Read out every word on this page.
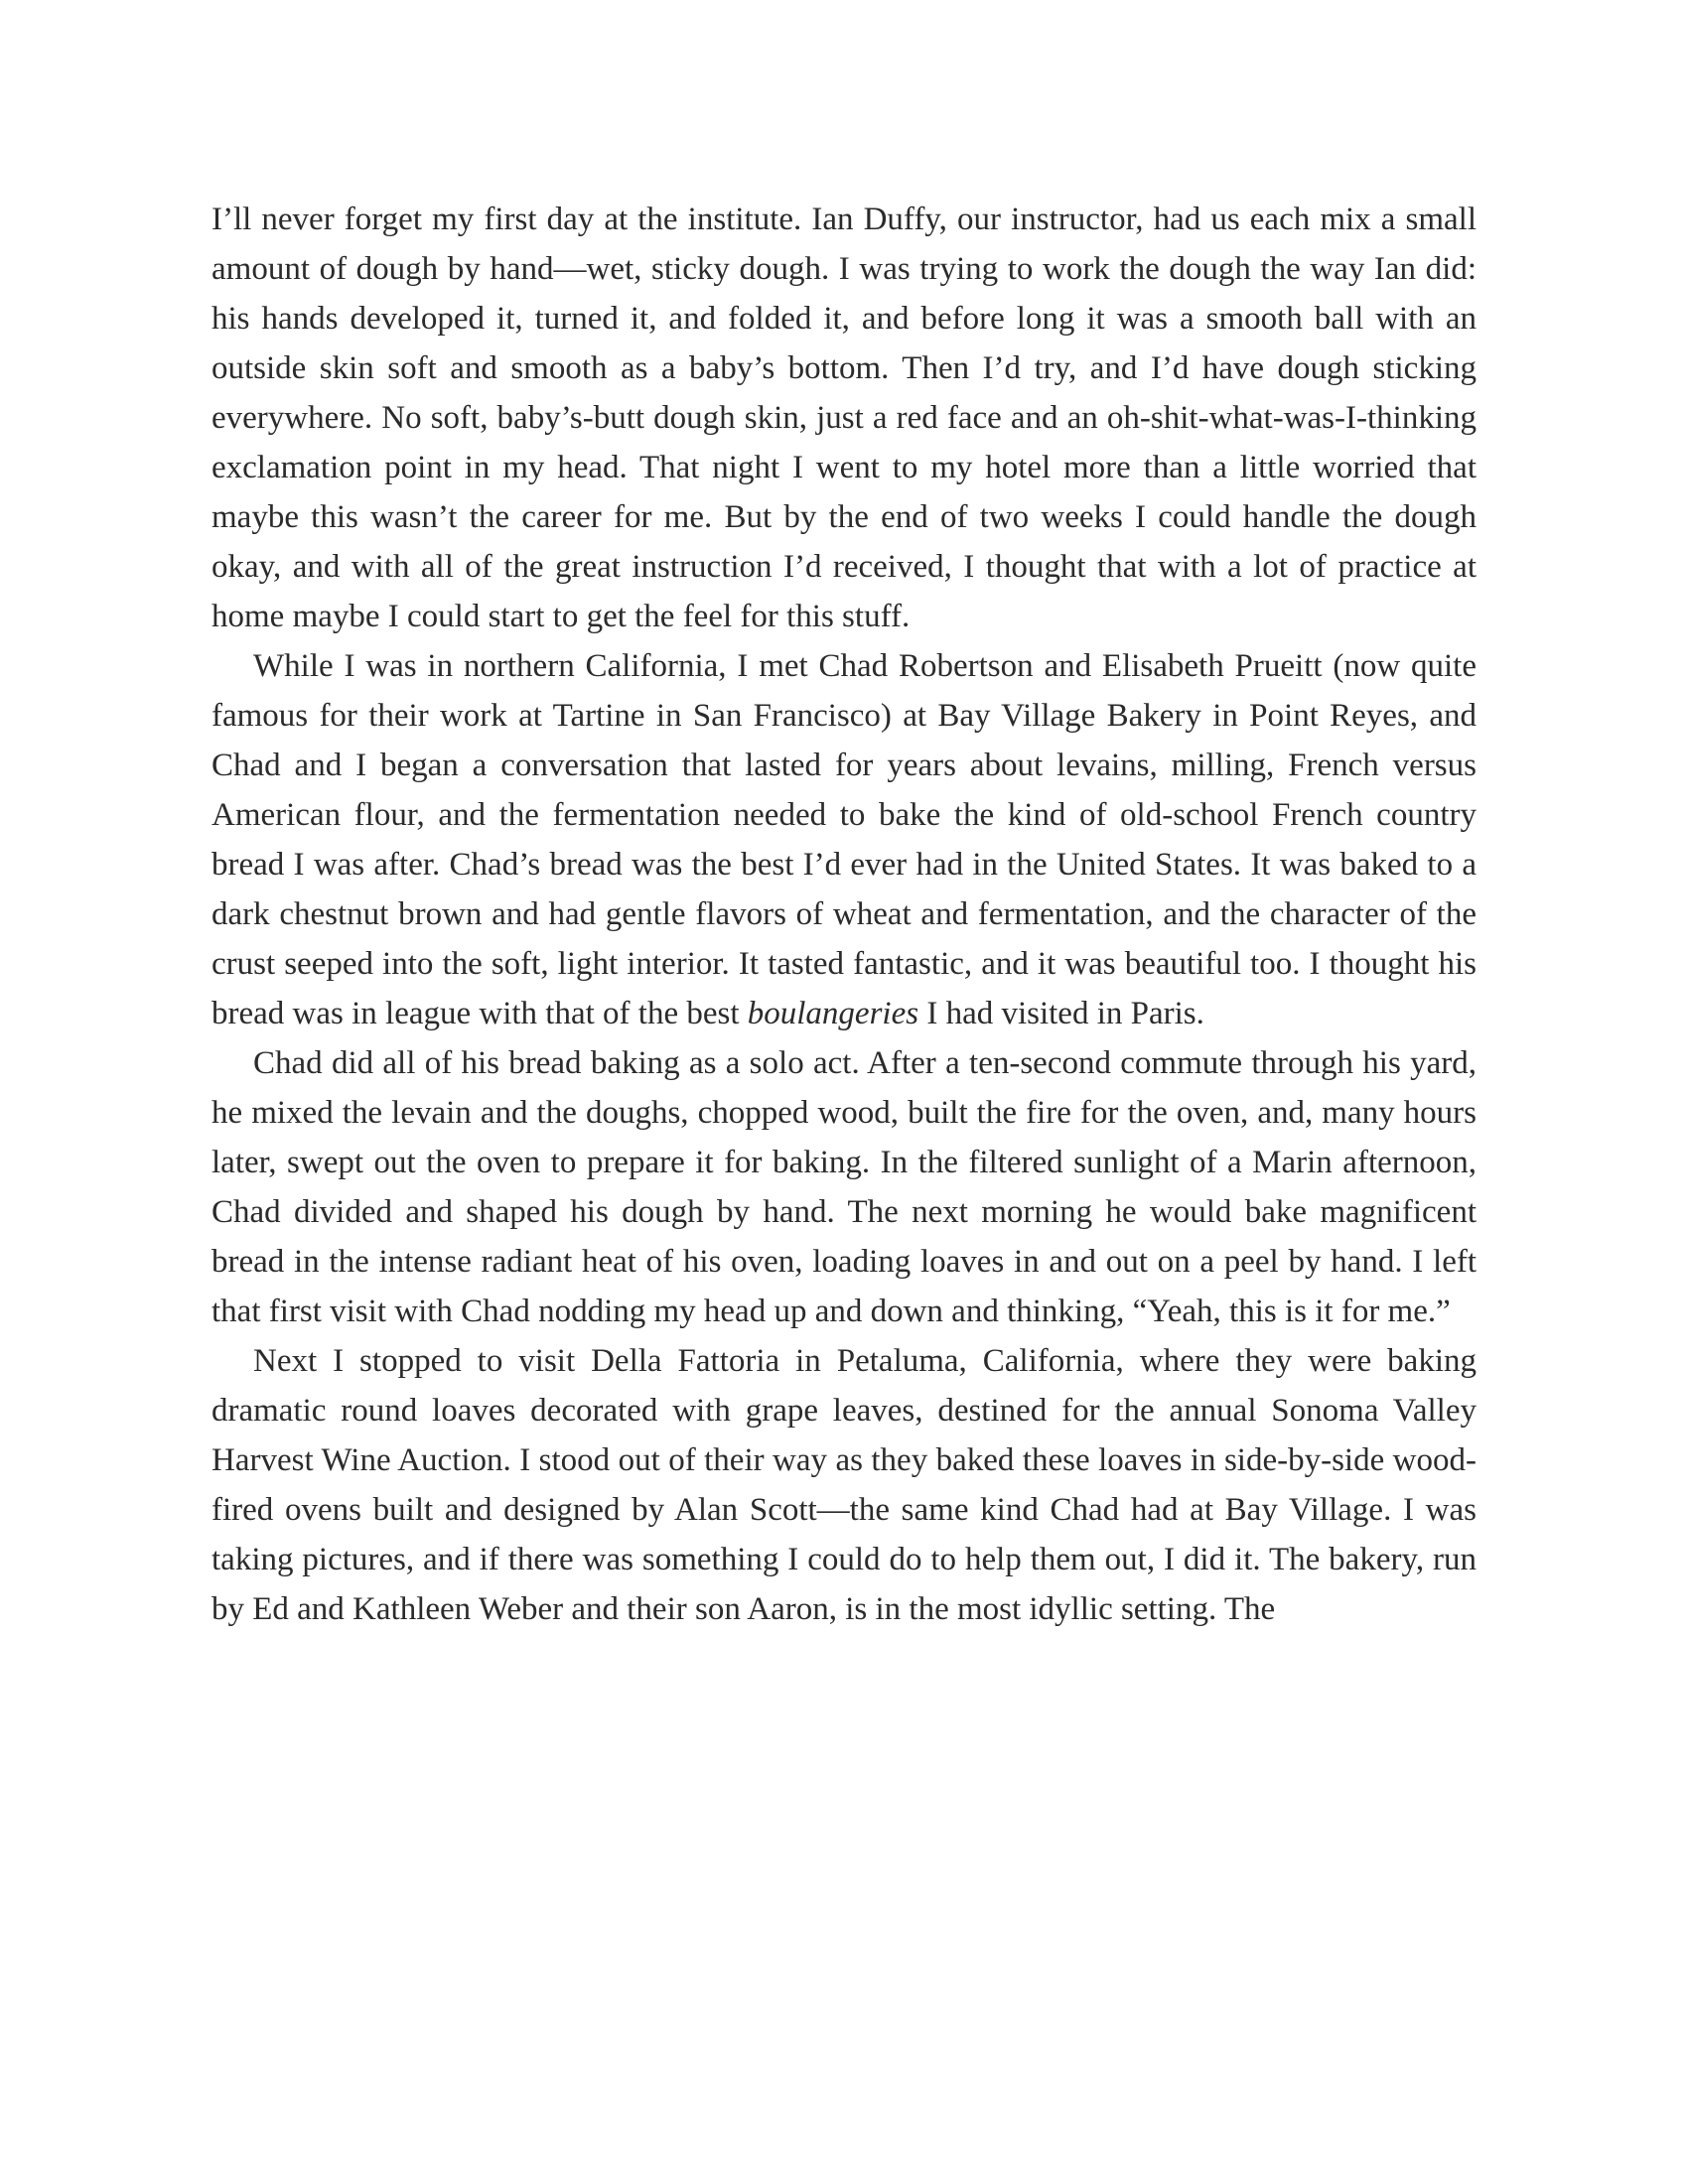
I’ll never forget my first day at the institute. Ian Duffy, our instructor, had us each mix a small amount of dough by hand—wet, sticky dough. I was trying to work the dough the way Ian did: his hands developed it, turned it, and folded it, and before long it was a smooth ball with an outside skin soft and smooth as a baby’s bottom. Then I’d try, and I’d have dough sticking everywhere. No soft, baby’s-butt dough skin, just a red face and an oh-shit-what-was-I-thinking exclamation point in my head. That night I went to my hotel more than a little worried that maybe this wasn’t the career for me. But by the end of two weeks I could handle the dough okay, and with all of the great instruction I’d received, I thought that with a lot of practice at home maybe I could start to get the feel for this stuff.

While I was in northern California, I met Chad Robertson and Elisabeth Prueitt (now quite famous for their work at Tartine in San Francisco) at Bay Village Bakery in Point Reyes, and Chad and I began a conversation that lasted for years about levains, milling, French versus American flour, and the fermentation needed to bake the kind of old-school French country bread I was after. Chad’s bread was the best I’d ever had in the United States. It was baked to a dark chestnut brown and had gentle flavors of wheat and fermentation, and the character of the crust seeped into the soft, light interior. It tasted fantastic, and it was beautiful too. I thought his bread was in league with that of the best boulangeries I had visited in Paris.

Chad did all of his bread baking as a solo act. After a ten-second commute through his yard, he mixed the levain and the doughs, chopped wood, built the fire for the oven, and, many hours later, swept out the oven to prepare it for baking. In the filtered sunlight of a Marin afternoon, Chad divided and shaped his dough by hand. The next morning he would bake magnificent bread in the intense radiant heat of his oven, loading loaves in and out on a peel by hand. I left that first visit with Chad nodding my head up and down and thinking, “Yeah, this is it for me.”

Next I stopped to visit Della Fattoria in Petaluma, California, where they were baking dramatic round loaves decorated with grape leaves, destined for the annual Sonoma Valley Harvest Wine Auction. I stood out of their way as they baked these loaves in side-by-side wood-fired ovens built and designed by Alan Scott—the same kind Chad had at Bay Village. I was taking pictures, and if there was something I could do to help them out, I did it. The bakery, run by Ed and Kathleen Weber and their son Aaron, is in the most idyllic setting. The
